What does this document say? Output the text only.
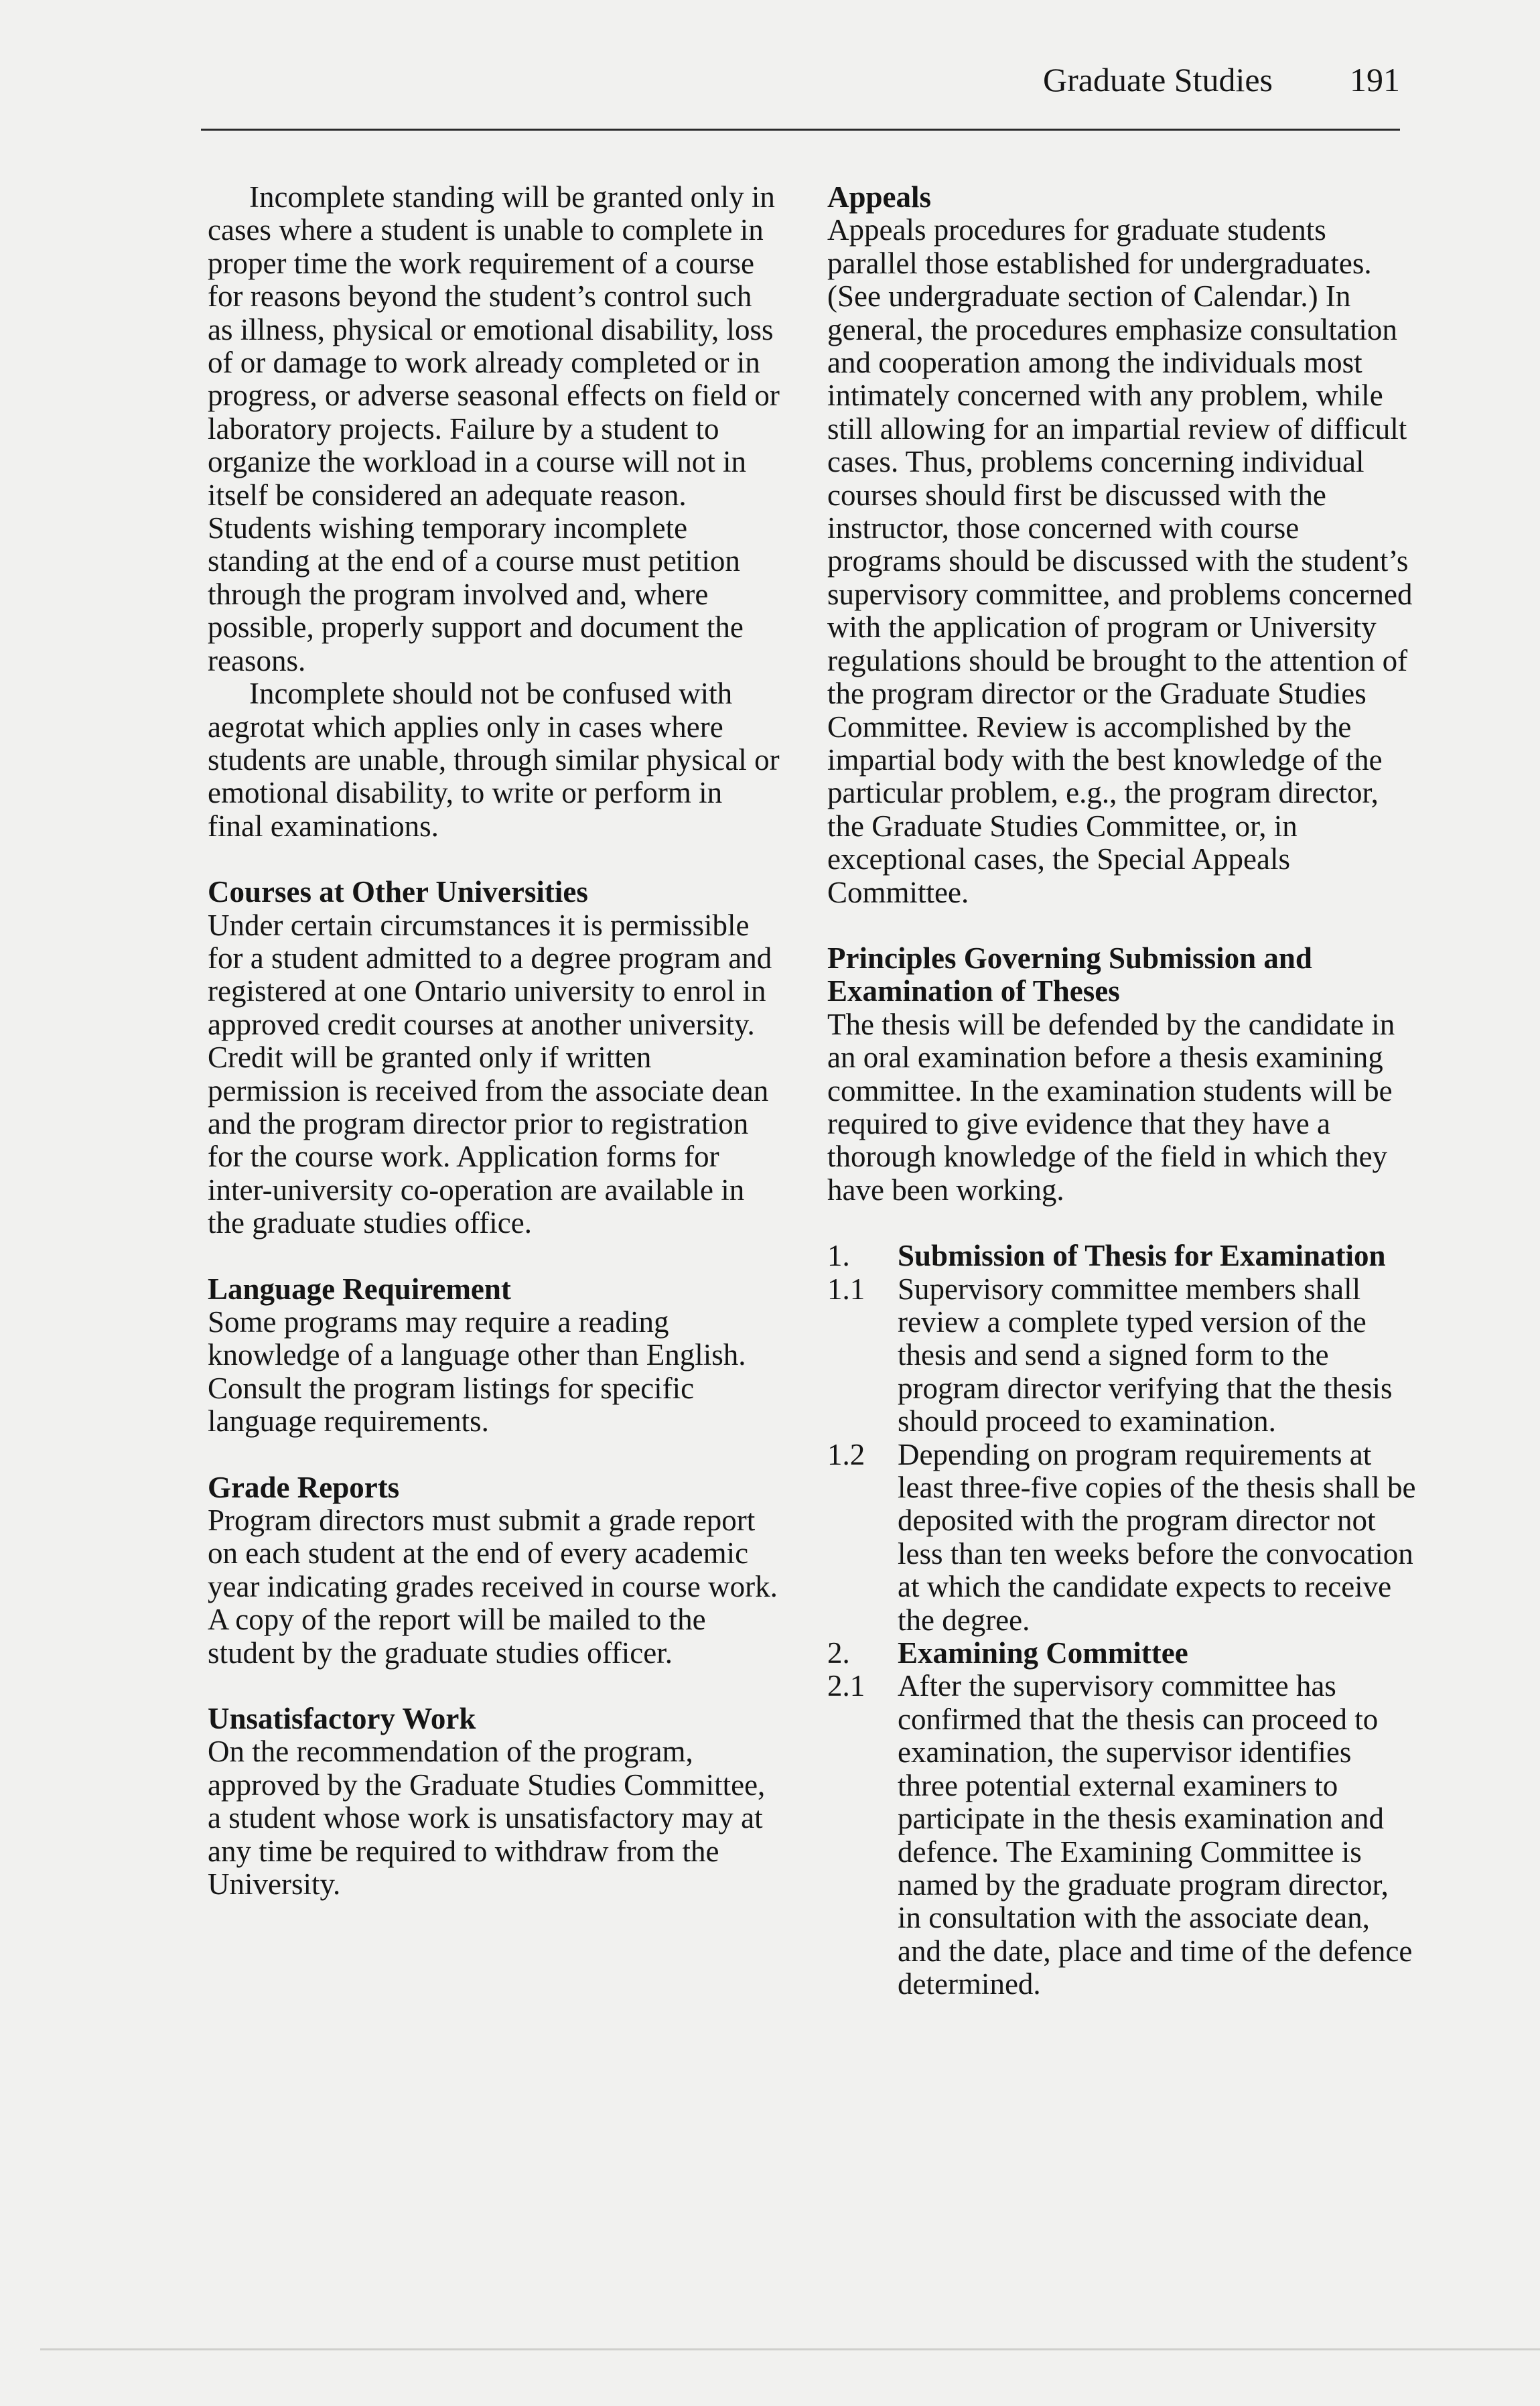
Graduate Studies 191

Incomplete standing will be granted only in cases where a student is unable to complete in proper time the work requirement of a course for reasons beyond the student’s control such as illness, physical or emotional disability, loss of or damage to work already completed or in progress, or adverse seasonal effects on field or laboratory projects. Failure by a student to organize the workload in a course will not in itself be considered an adequate reason. Students wishing temporary incomplete standing at the end of a course must petition through the program involved and, where possible, properly support and document the reasons.

Incomplete should not be confused with aegrotat which applies only in cases where students are unable, through similar physical or emotional disability, to write or perform in final examinations.

Courses at Other Universities

Under certain circumstances it is permissible for a student admitted to a degree program and registered at one Ontario university to enrol in approved credit courses at another university. Credit will be granted only if written permission is received from the associate dean and the program director prior to registration for the course work. Application forms for inter-university co-operation are available in the graduate studies office.

Language Requirement

Some programs may require a reading knowledge of a language other than English. Consult the program listings for specific language requirements.

Grade Reports

Program directors must submit a grade report on each student at the end of every academic year indicating grades received in course work. A copy of the report will be mailed to the student by the graduate studies officer.

Unsatisfactory Work

On the recommendation of the program, approved by the Graduate Studies Committee, a student whose work is unsatisfactory may at any time be required to withdraw from the University.

Appeals

Appeals procedures for graduate students parallel those established for undergraduates. (See undergraduate section of Calendar.) In general, the procedures emphasize consultation and cooperation among the individuals most intimately concerned with any problem, while still allowing for an impartial review of difficult cases. Thus, problems concerning individual courses should first be discussed with the instructor, those concerned with course programs should be discussed with the student’s supervisory committee, and problems concerned with the application of program or University regulations should be brought to the attention of the program director or the Graduate Studies Committee. Review is accomplished by the impartial body with the best knowledge of the particular problem, e.g., the program director, the Graduate Studies Committee, or, in exceptional cases, the Special Appeals Committee.

Principles Governing Submission and Examination of Theses

The thesis will be defended by the candidate in an oral examination before a thesis examining committee. In the examination students will be required to give evidence that they have a thorough knowledge of the field in which they have been working.

1.	Submission of Thesis for Examination
1.1	Supervisory committee members shall review a complete typed version of the thesis and send a signed form to the program director verifying that the thesis should proceed to examination.
1.2	Depending on program requirements at least three-five copies of the thesis shall be deposited with the program director not less than ten weeks before the convocation at which the candidate expects to receive the degree.
2.	Examining Committee
2.1	After the supervisory committee has confirmed that the thesis can proceed to examination, the supervisor identifies three potential external examiners to participate in the thesis examination and defence. The Examining Committee is named by the graduate program director, in consultation with the associate dean, and the date, place and time of the defence determined.
